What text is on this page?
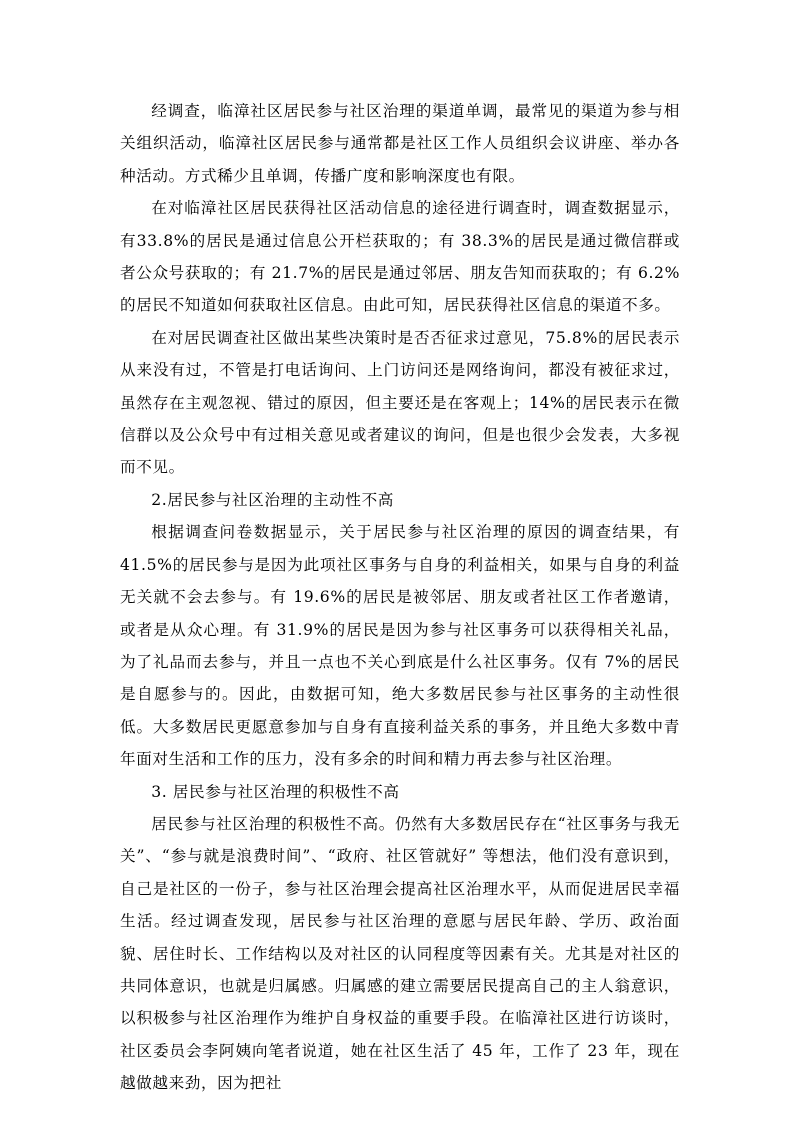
经调查，临漳社区居民参与社区治理的渠道单调，最常见的渠道为参与相关组织活动，临漳社区居民参与通常都是社区工作人员组织会议讲座、举办各种活动。方式稀少且单调，传播广度和影响深度也有限。

在对临漳社区居民获得社区活动信息的途径进行调查时，调查数据显示，有33.8%的居民是通过信息公开栏获取的；有 38.3%的居民是通过微信群或者公众号获取的；有 21.7%的居民是通过邻居、朋友告知而获取的；有 6.2%的居民不知道如何获取社区信息。由此可知，居民获得社区信息的渠道不多。

在对居民调查社区做出某些决策时是否否征求过意见，75.8%的居民表示从来没有过，不管是打电话询问、上门访问还是网络询问，都没有被征求过，虽然存在主观忽视、错过的原因，但主要还是在客观上；14%的居民表示在微信群以及公众号中有过相关意见或者建议的询问，但是也很少会发表，大多视而不见。

2.居民参与社区治理的主动性不高

根据调查问卷数据显示，关于居民参与社区治理的原因的调查结果，有41.5%的居民参与是因为此项社区事务与自身的利益相关，如果与自身的利益无关就不会去参与。有 19.6%的居民是被邻居、朋友或者社区工作者邀请，或者是从众心理。有 31.9%的居民是因为参与社区事务可以获得相关礼品，为了礼品而去参与，并且一点也不关心到底是什么社区事务。仅有 7%的居民是自愿参与的。因此，由数据可知，绝大多数居民参与社区事务的主动性很低。大多数居民更愿意参加与自身有直接利益关系的事务，并且绝大多数中青年面对生活和工作的压力，没有多余的时间和精力再去参与社区治理。

3. 居民参与社区治理的积极性不高

居民参与社区治理的积极性不高。仍然有大多数居民存在“社区事务与我无关”、“参与就是浪费时间”、“政府、社区管就好” 等想法，他们没有意识到，自己是社区的一份子，参与社区治理会提高社区治理水平，从而促进居民幸福生活。经过调查发现，居民参与社区治理的意愿与居民年龄、学历、政治面貌、居住时长、工作结构以及对社区的认同程度等因素有关。尤其是对社区的共同体意识，也就是归属感。归属感的建立需要居民提高自己的主人翁意识，以积极参与社区治理作为维护自身权益的重要手段。在临漳社区进行访谈时，社区委员会李阿姨向笔者说道，她在社区生活了 45 年，工作了 23 年，现在越做越来劲，因为把社
